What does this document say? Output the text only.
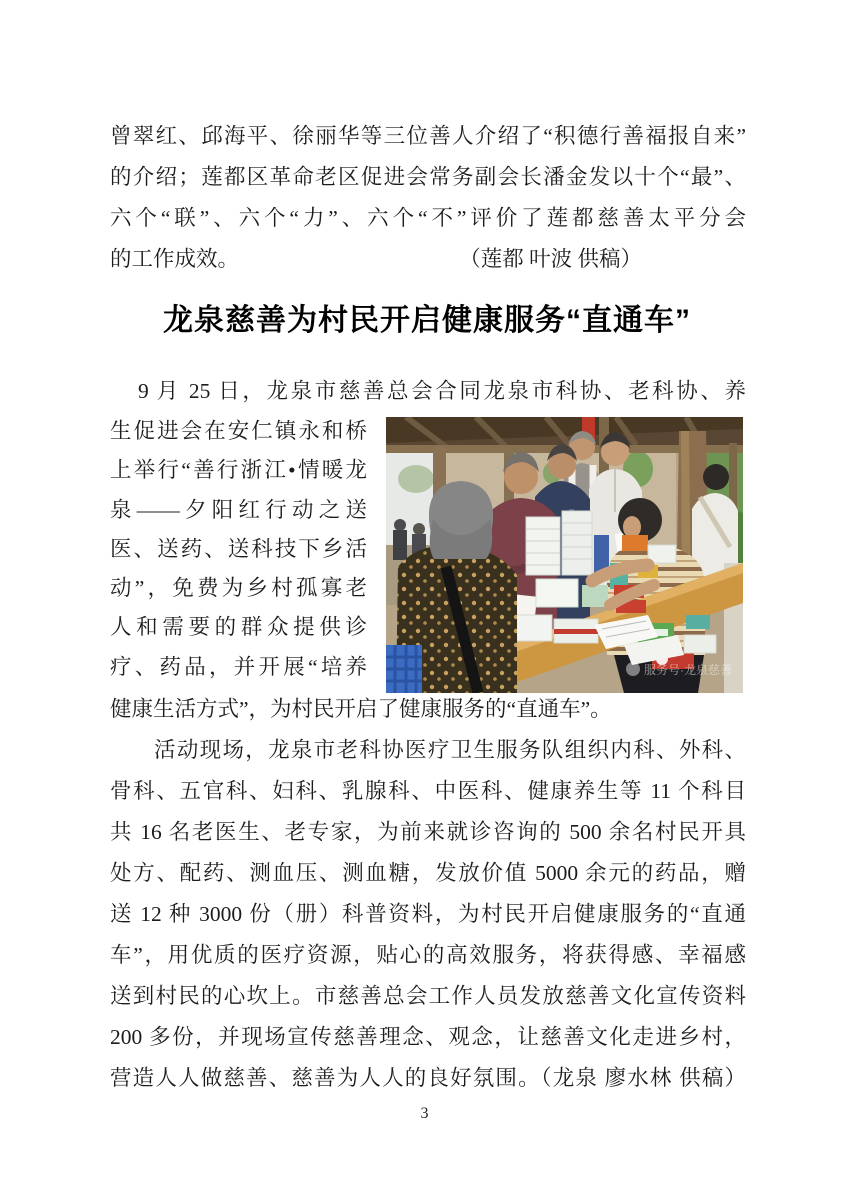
曾翠红、邱海平、徐丽华等三位善人介绍了“积德行善福报自来”
的介绍；莲都区革命老区促进会常务副会长潘金发以十个“最”、
六个“联”、六个“力”、六个“不”评价了莲都慈善太平分会
的工作成效。	（莲都 叶波 供稿）
龙泉慈善为村民开启健康服务“直通车”
9 月 25 日，龙泉市慈善总会合同龙泉市科协、老科协、养
生促进会在安仁镇永和桥
上举行“善行浙江•情暖龙
泉——夕阳红行动之送
医、送药、送科技下乡活
动”，免费为乡村孤寡老
人和需要的群众提供诊
疗、药品，并开展“培养	服务号·龙泉慈善
健康生活方式”，为村民开启了健康服务的“直通车”。
活动现场，龙泉市老科协医疗卫生服务队组织内科、外科、
骨科、五官科、妇科、乳腺科、中医科、健康养生等 11 个科目
共 16 名老医生、老专家，为前来就诊咨询的 500 余名村民开具
处方、配药、测血压、测血糖，发放价值 5000 余元的药品，赠
送 12 种 3000 份（册）科普资料，为村民开启健康服务的“直通
车”，用优质的医疗资源，贴心的高效服务，将获得感、幸福感
送到村民的心坎上。市慈善总会工作人员发放慈善文化宣传资料
200 多份，并现场宣传慈善理念、观念，让慈善文化走进乡村，
营造人人做慈善、慈善为人人的良好氛围。（龙泉 廖水林 供稿）
3
